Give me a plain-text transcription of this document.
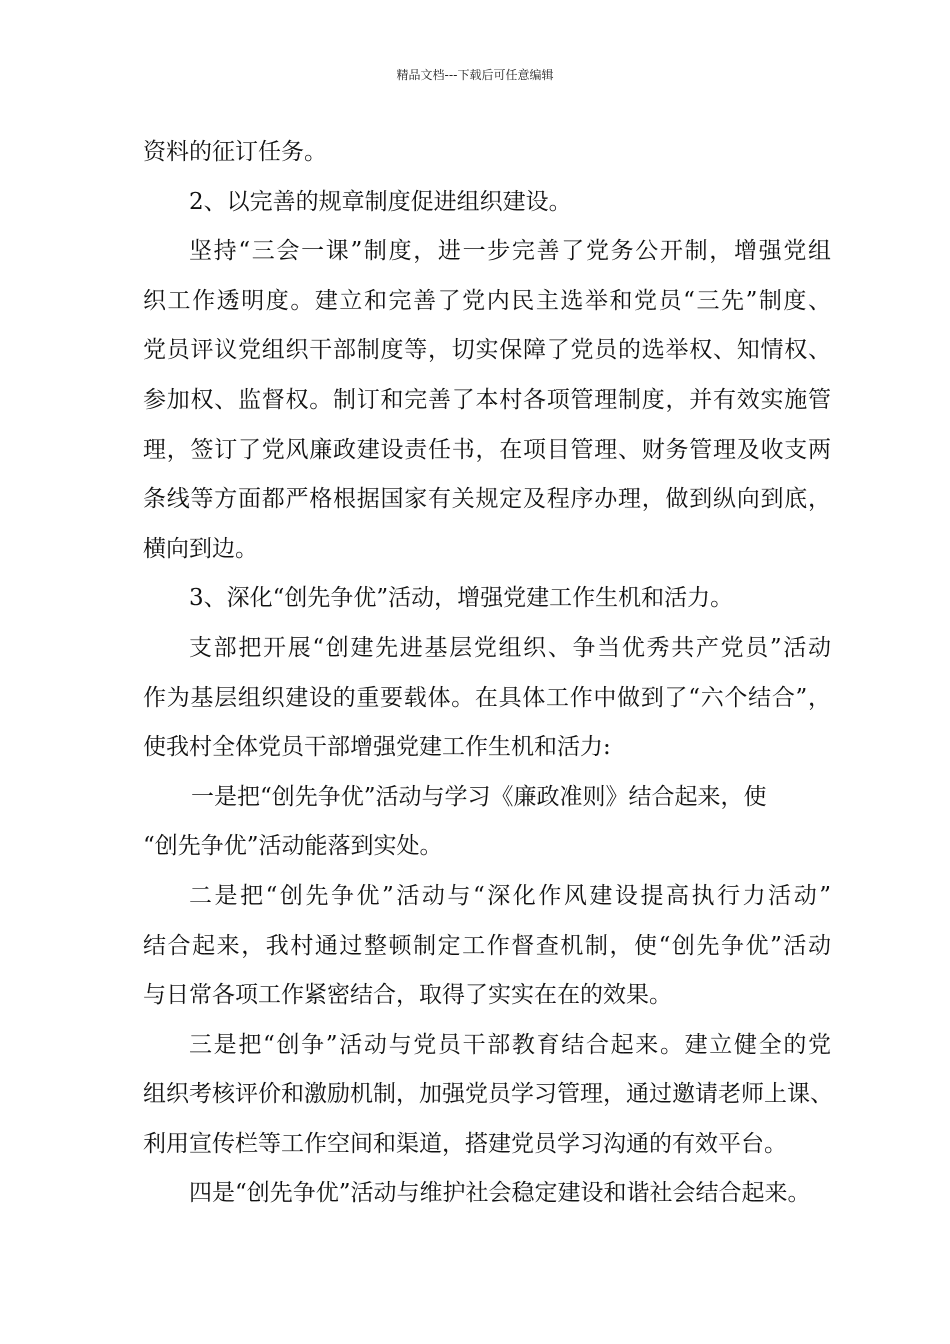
精品文档---下载后可任意编辑
资料的征订任务。
2、以完善的规章制度促进组织建设。
坚持“三会一课”制度，进一步完善了党务公开制，增强党组
织工作透明度。建立和完善了党内民主选举和党员“三先”制度、
党员评议党组织干部制度等，切实保障了党员的选举权、知情权、
参加权、监督权。制订和完善了本村各项管理制度，并有效实施管
理，签订了党风廉政建设责任书，在项目管理、财务管理及收支两
条线等方面都严格根据国家有关规定及程序办理，做到纵向到底，
横向到边。
3、深化“创先争优”活动，增强党建工作生机和活力。
支部把开展“创建先进基层党组织、争当优秀共产党员”活动
作为基层组织建设的重要载体。在具体工作中做到了“六个结合”，
使我村全体党员干部增强党建工作生机和活力:
一是把“创先争优”活动与学习《廉政准则》结合起来，使
“创先争优”活动能落到实处。
二是把“创先争优”活动与“深化作风建设提高执行力活动”
结合起来，我村通过整顿制定工作督查机制，使“创先争优”活动
与日常各项工作紧密结合，取得了实实在在的效果。
三是把“创争”活动与党员干部教育结合起来。建立健全的党
组织考核评价和激励机制，加强党员学习管理，通过邀请老师上课、
利用宣传栏等工作空间和渠道，搭建党员学习沟通的有效平台。
四是“创先争优”活动与维护社会稳定建设和谐社会结合起来。
